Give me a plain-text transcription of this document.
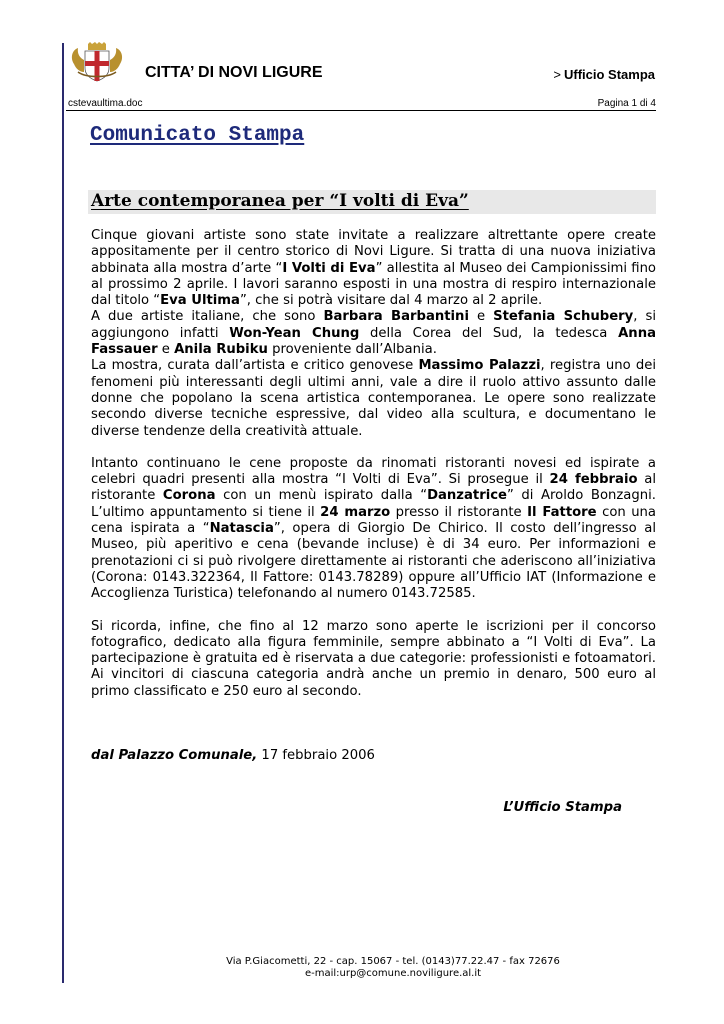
CITTA’ DI NOVI LIGURE	> Ufficio Stampa
cstevaultima.doc	Pagina 1 di 4
Comunicato Stampa
Arte contemporanea per “I volti di Eva”

Cinque giovani artiste sono state invitate a realizzare altrettante opere create appositamente per il centro storico di Novi Ligure. Si tratta di una nuova iniziativa abbinata alla mostra d’arte “I Volti di Eva” allestita al Museo dei Campionissimi fino al prossimo 2 aprile. I lavori saranno esposti in una mostra di respiro internazionale dal titolo “Eva Ultima”, che si potrà visitare dal 4 marzo al 2 aprile.
A due artiste italiane, che sono Barbara Barbantini e Stefania Schubery, si aggiungono infatti Won-Yean Chung della Corea del Sud, la tedesca Anna Fassauer e Anila Rubiku proveniente dall’Albania.
La mostra, curata dall’artista e critico genovese Massimo Palazzi, registra uno dei fenomeni più interessanti degli ultimi anni, vale a dire il ruolo attivo assunto dalle donne che popolano la scena artistica contemporanea. Le opere sono realizzate secondo diverse tecniche espressive, dal video alla scultura, e documentano le diverse tendenze della creatività attuale.

Intanto continuano le cene proposte da rinomati ristoranti novesi ed ispirate a celebri quadri presenti alla mostra “I Volti di Eva”. Si prosegue il 24 febbraio al ristorante Corona con un menù ispirato dalla “Danzatrice” di Aroldo Bonzagni. L’ultimo appuntamento si tiene il 24 marzo presso il ristorante Il Fattore con una cena ispirata a “Natascia”, opera di Giorgio De Chirico. Il costo dell’ingresso al Museo, più aperitivo e cena (bevande incluse) è di 34 euro. Per informazioni e prenotazioni ci si può rivolgere direttamente ai ristoranti che aderiscono all’iniziativa (Corona: 0143.322364, Il Fattore: 0143.78289) oppure all’Ufficio IAT (Informazione e Accoglienza Turistica) telefonando al numero 0143.72585.

Si ricorda, infine, che fino al 12 marzo sono aperte le iscrizioni per il concorso fotografico, dedicato alla figura femminile, sempre abbinato a “I Volti di Eva”. La partecipazione è gratuita ed è riservata a due categorie: professionisti e fotoamatori. Ai vincitori di ciascuna categoria andrà anche un premio in denaro, 500 euro al primo classificato e 250 euro al secondo.

dal Palazzo Comunale, 17 febbraio 2006
L’Ufficio Stampa
Via P.Giacometti, 22 - cap. 15067 - tel. (0143)77.22.47 - fax 72676
e-mail:urp@comune.noviligure.al.it
